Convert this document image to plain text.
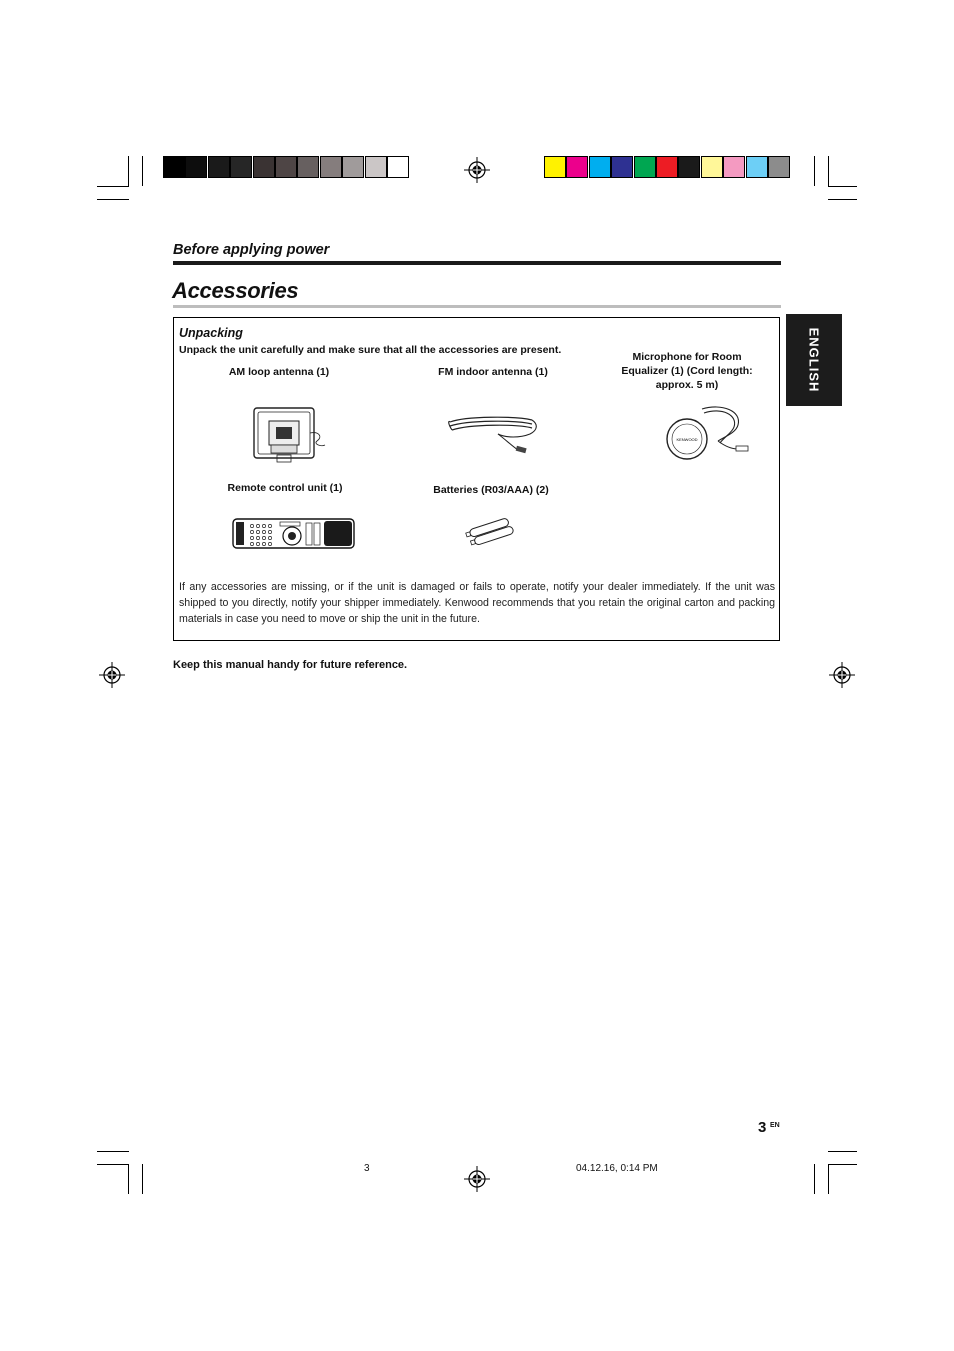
Before applying power
Accessories
ENGLISH
Unpacking
Unpack the unit carefully and make sure that all the accessories are present.
AM loop antenna (1)	FM indoor antenna (1)
Microphone for Room Equalizer (1) (Cord length: approx. 5 m)
Remote control unit (1)	Batteries (R03/AAA) (2)
KENWOOD
If any accessories are missing, or if the unit is damaged or fails to operate, notify your dealer immediately. If the unit was shipped to you directly, notify your shipper immediately. Kenwood recommends that you retain the original carton and packing materials in case you need to move or ship the unit in the future.
Keep this manual handy for future reference.
3 EN
3	04.12.16, 0:14 PM
